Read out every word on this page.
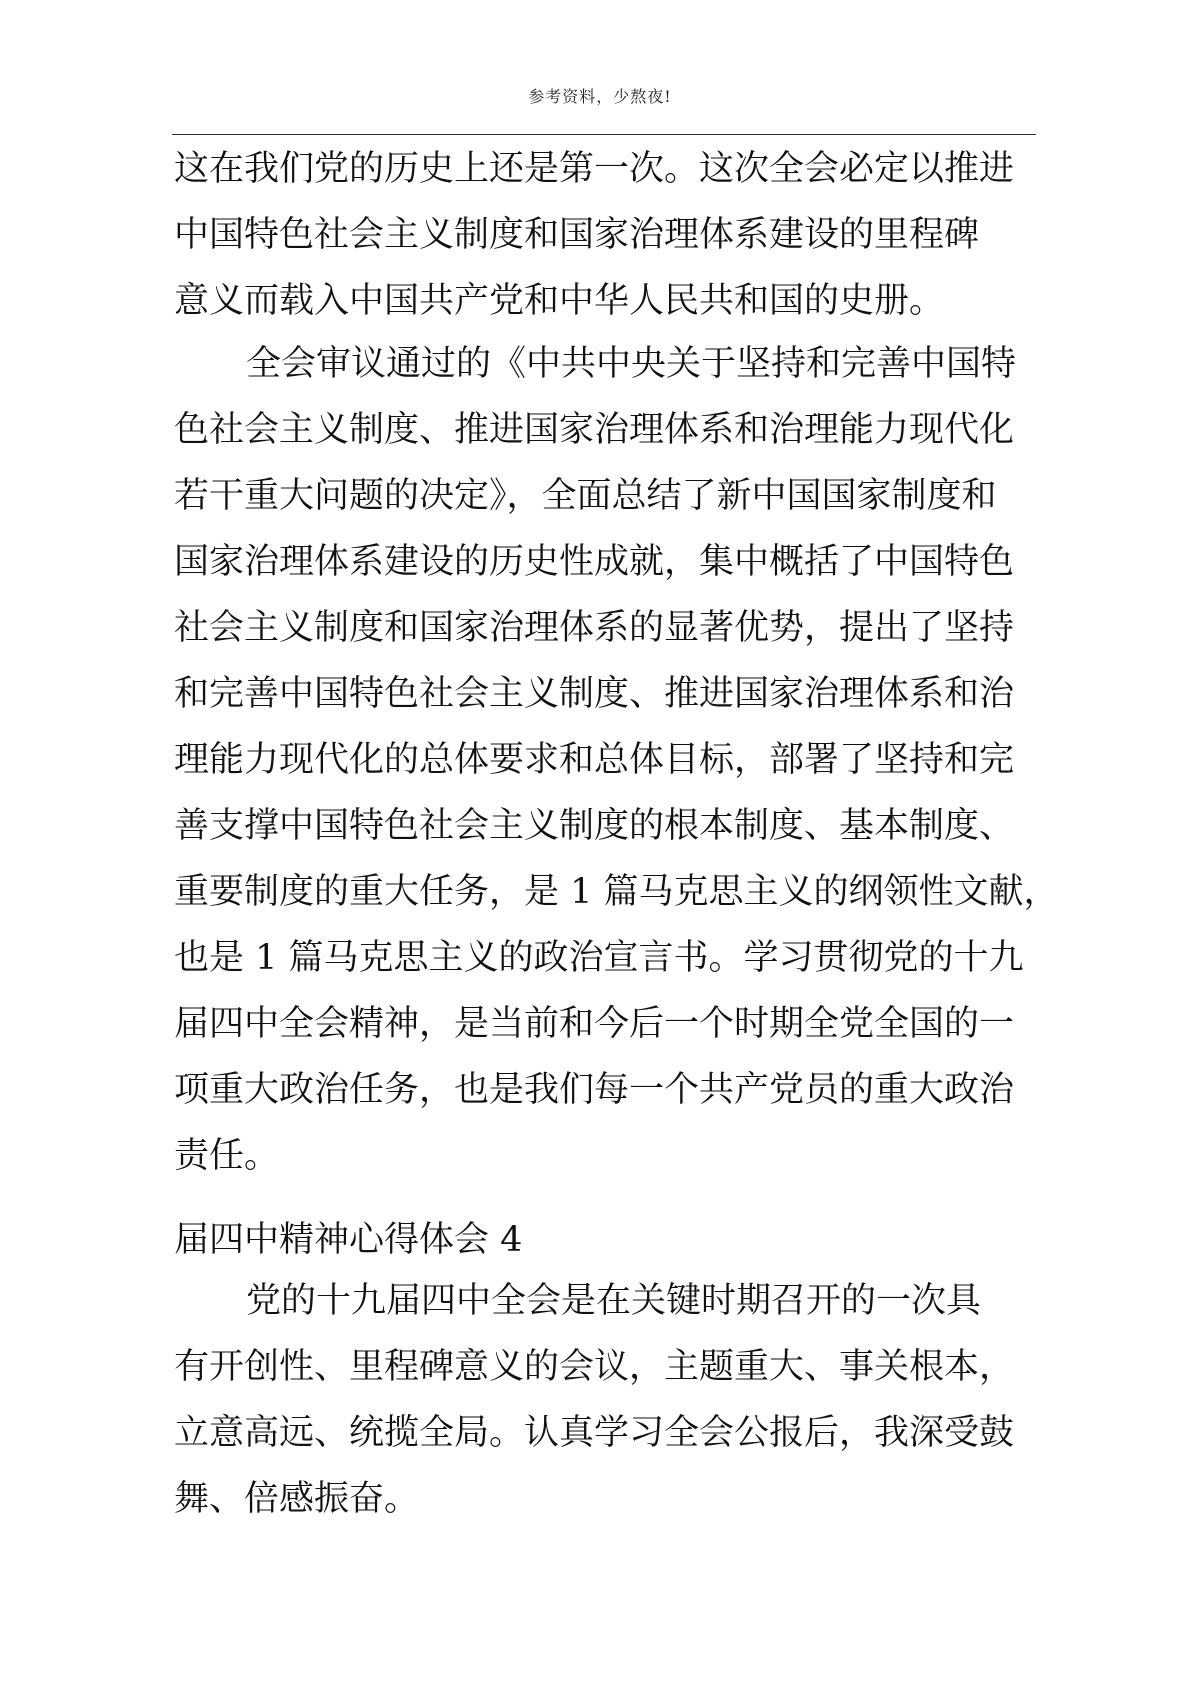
参考资料，少熬夜!
这在我们党的历史上还是第一次。这次全会必定以推进
中国特色社会主义制度和国家治理体系建设的里程碑
意义而载入中国共产党和中华人民共和国的史册。
全会审议通过的《中共中央关于坚持和完善中国特
色社会主义制度、推进国家治理体系和治理能力现代化
若干重大问题的决定》，全面总结了新中国国家制度和
国家治理体系建设的历史性成就，集中概括了中国特色
社会主义制度和国家治理体系的显著优势，提出了坚持
和完善中国特色社会主义制度、推进国家治理体系和治
理能力现代化的总体要求和总体目标，部署了坚持和完
善支撑中国特色社会主义制度的根本制度、基本制度、
重要制度的重大任务，是 1 篇马克思主义的纲领性文献，
也是 1 篇马克思主义的政治宣言书。学习贯彻党的十九
届四中全会精神，是当前和今后一个时期全党全国的一
项重大政治任务，也是我们每一个共产党员的重大政治
责任。
届四中精神心得体会 4
党的十九届四中全会是在关键时期召开的一次具
有开创性、里程碑意义的会议，主题重大、事关根本，
立意高远、统揽全局。认真学习全会公报后，我深受鼓
舞、倍感振奋。
